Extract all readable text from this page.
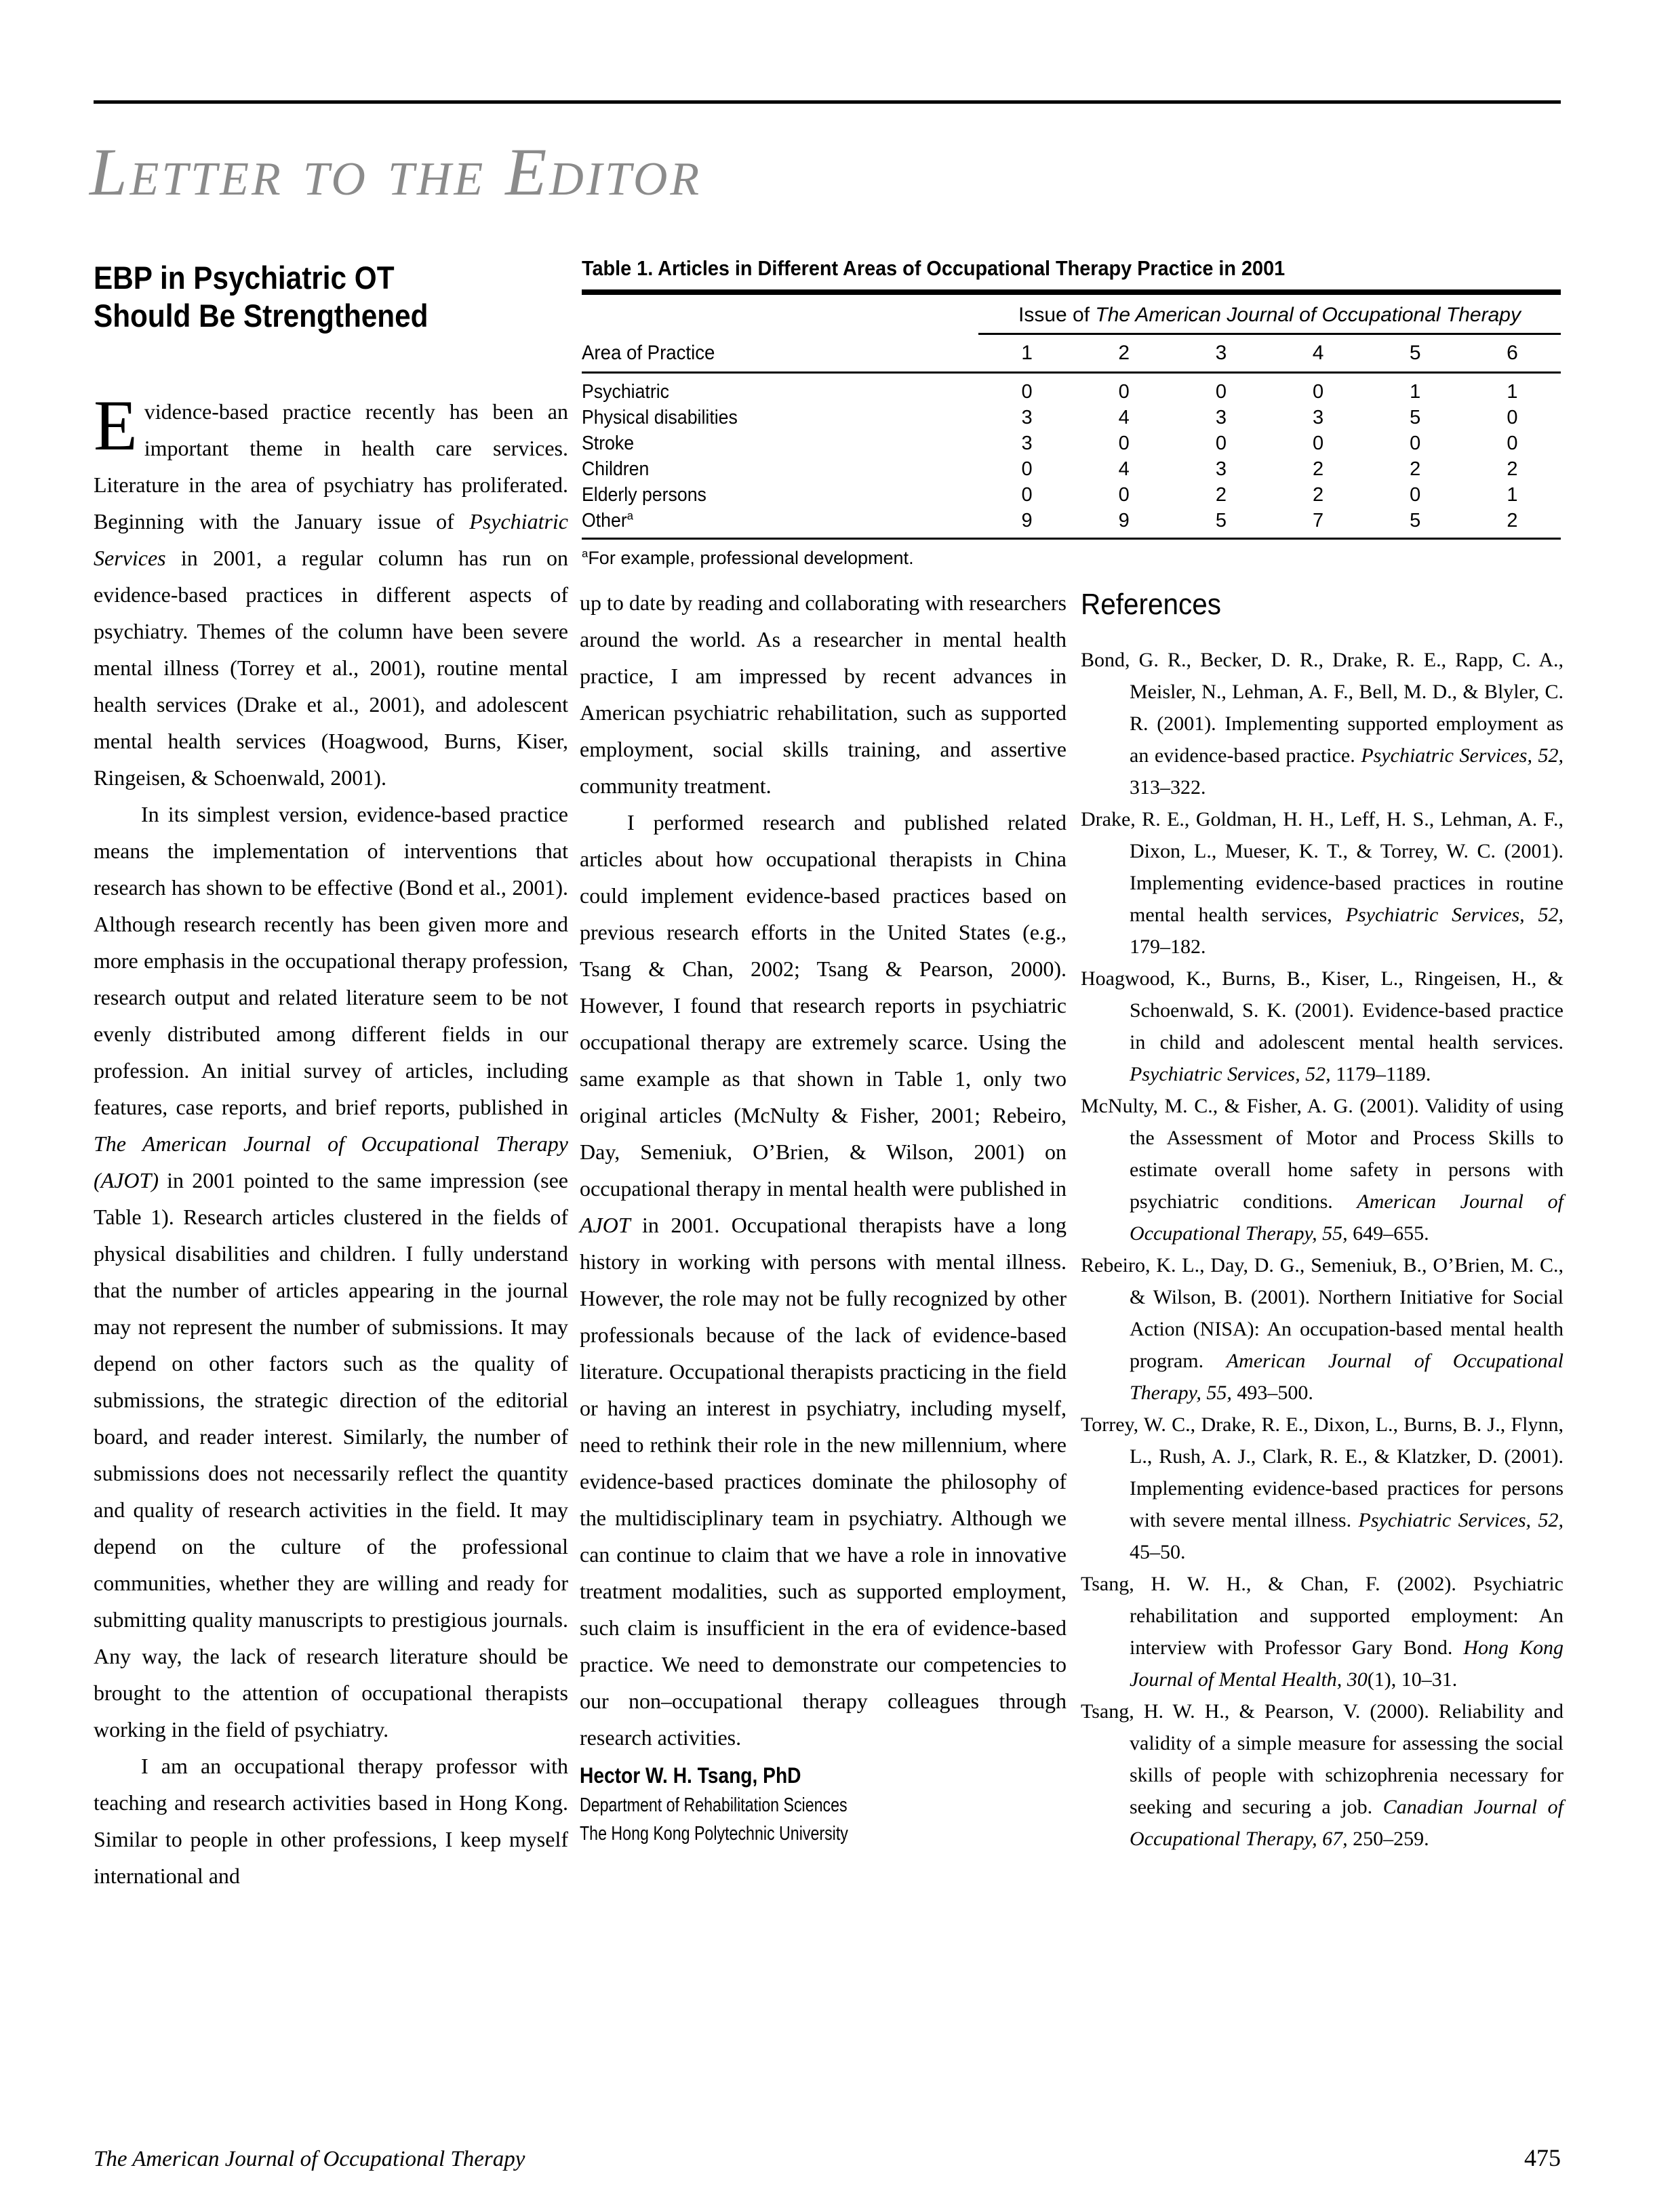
Letter to the Editor
EBP in Psychiatric OT
Should Be Strengthened
Table 1. Articles in Different Areas of Occupational Therapy Practice in 2001
Issue of The American Journal of Occupational Therapy
Area of Practice	1	2	3	4	5	6
Psychiatric	0	0	0	0	1	1
Physical disabilities	3	4	3	3	5	0
Stroke	3	0	0	0	0	0
Children	0	4	3	2	2	2
Elderly persons	0	0	2	2	0	1
Other$^a$	9	9	5	7	5	2
$^a$For example, professional development.

Evidence-based practice recently has been an important theme in health care services. Literature in the area of psychiatry has proliferated. Beginning with the January issue of Psychiatric Services in 2001, a regular column has run on evidence-based practices in different aspects of psychiatry. Themes of the column have been severe mental illness (Torrey et al., 2001), routine mental health services (Drake et al., 2001), and adolescent mental health services (Hoagwood, Burns, Kiser, Ringeisen, & Schoenwald, 2001).

In its simplest version, evidence-based practice means the implementation of interventions that research has shown to be effective (Bond et al., 2001). Although research recently has been given more and more emphasis in the occupational therapy profession, research output and related literature seem to be not evenly distributed among different fields in our profession. An initial survey of articles, including features, case reports, and brief reports, published in The American Journal of Occupational Therapy (AJOT) in 2001 pointed to the same impression (see Table 1). Research articles clustered in the fields of physical disabilities and children. I fully understand that the number of articles appearing in the journal may not represent the number of submissions. It may depend on other factors such as the quality of submissions, the strategic direction of the editorial board, and reader interest. Similarly, the number of submissions does not necessarily reflect the quantity and quality of research activities in the field. It may depend on the culture of the professional communities, whether they are willing and ready for submitting quality manuscripts to prestigious journals. Any way, the lack of research literature should be brought to the attention of occupational therapists working in the field of psychiatry.

I am an occupational therapy professor with teaching and research activities based in Hong Kong. Similar to people in other professions, I keep myself international and

up to date by reading and collaborating with researchers around the world. As a researcher in mental health practice, I am impressed by recent advances in American psychiatric rehabilitation, such as supported employment, social skills training, and assertive community treatment.

I performed research and published related articles about how occupational therapists in China could implement evidence-based practices based on previous research efforts in the United States (e.g., Tsang & Chan, 2002; Tsang & Pearson, 2000). However, I found that research reports in psychiatric occupational therapy are extremely scarce. Using the same example as that shown in Table 1, only two original articles (McNulty & Fisher, 2001; Rebeiro, Day, Semeniuk, O’Brien, & Wilson, 2001) on occupational therapy in mental health were published in AJOT in 2001. Occupational therapists have a long history in working with persons with mental illness. However, the role may not be fully recognized by other professionals because of the lack of evidence-based literature. Occupational therapists practicing in the field or having an interest in psychiatry, including myself, need to rethink their role in the new millennium, where evidence-based practices dominate the philosophy of the multidisciplinary team in psychiatry. Although we can continue to claim that we have a role in innovative treatment modalities, such as supported employment, such claim is insufficient in the era of evidence-based practice. We need to demonstrate our competencies to our non–occupational therapy colleagues through research activities.

Hector W. H. Tsang, PhD
Department of Rehabilitation Sciences
The Hong Kong Polytechnic University
References
Bond, G. R., Becker, D. R., Drake, R. E., Rapp, C. A., Meisler, N., Lehman, A. F., Bell, M. D., & Blyler, C. R. (2001). Implementing supported employment as an evidence-based practice. Psychiatric Services, 52, 313–322.
Drake, R. E., Goldman, H. H., Leff, H. S., Lehman, A. F., Dixon, L., Mueser, K. T., & Torrey, W. C. (2001). Implementing evidence-based practices in routine mental health services, Psychiatric Services, 52, 179–182.
Hoagwood, K., Burns, B., Kiser, L., Ringeisen, H., & Schoenwald, S. K. (2001). Evidence-based practice in child and adolescent mental health services. Psychiatric Services, 52, 1179–1189.
McNulty, M. C., & Fisher, A. G. (2001). Validity of using the Assessment of Motor and Process Skills to estimate overall home safety in persons with psychiatric conditions. American Journal of Occupational Therapy, 55, 649–655.
Rebeiro, K. L., Day, D. G., Semeniuk, B., O’Brien, M. C., & Wilson, B. (2001). Northern Initiative for Social Action (NISA): An occupation-based mental health program. American Journal of Occupational Therapy, 55, 493–500.
Torrey, W. C., Drake, R. E., Dixon, L., Burns, B. J., Flynn, L., Rush, A. J., Clark, R. E., & Klatzker, D. (2001). Implementing evidence-based practices for persons with severe mental illness. Psychiatric Services, 52, 45–50.
Tsang, H. W. H., & Chan, F. (2002). Psychiatric rehabilitation and supported employment: An interview with Professor Gary Bond. Hong Kong Journal of Mental Health, 30(1), 10–31.
Tsang, H. W. H., & Pearson, V. (2000). Reliability and validity of a simple measure for assessing the social skills of people with schizophrenia necessary for seeking and securing a job. Canadian Journal of Occupational Therapy, 67, 250–259.
The American Journal of Occupational Therapy	475
